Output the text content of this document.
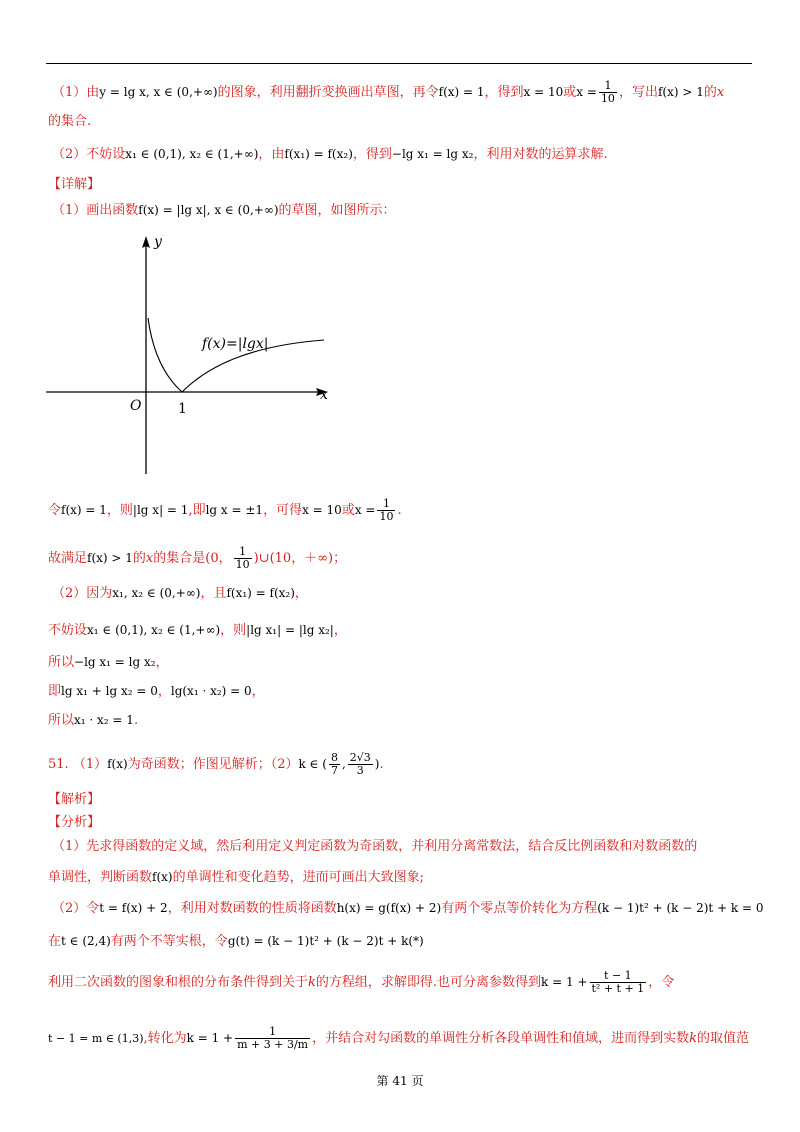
（1）由y = lg x, x ∈ (0,+∞)的图象，利用翻折变换画出草图，再令f(x) = 1，得到x = 10或$x = \frac{1}{10}$ ，写出f(x) > 1的x
的集合.
（2）不妨设x₁ ∈ (0,1), x₂ ∈ (1,+∞)，由f(x₁) = f(x₂)，得到−lg x₁ = lg x₂，利用对数的运算求解.
【详解】
（1）画出函数f(x) = |lg x|, x ∈ (0,+∞)的草图，如图所示：
y
x
O	1
f(x)=|lgx|
令f(x) = 1，则|lg x| = 1,即lg x = ±1，可得x = 10或$x = \frac{1}{10}$ .
故满足f(x) > 1的x的集合是(0， $\frac{1}{10}$ )∪(10，＋∞)；
（2）因为x₁, x₂ ∈ (0,+∞)，且f(x₁) = f(x₂)，
不妨设x₁ ∈ (0,1), x₂ ∈ (1,+∞)，则|lg x₁| = |lg x₂|，
所以−lg x₁ = lg x₂，
即lg x₁ + lg x₂ = 0，lg(x₁ · x₂) = 0，
所以x₁ · x₂ = 1.
51. （1）f(x)为奇函数；作图见解析；（2）k ∈ ( $\frac{8}{7}$ , $\frac{2√3}{3}$ ).
【解析】
【分析】
（1）先求得函数的定义域，然后利用定义判定函数为奇函数，并利用分离常数法，结合反比例函数和对数函数的
单调性，判断函数f(x)的单调性和变化趋势，进而可画出大致图象;
（2）令t = f(x) + 2，利用对数函数的性质将函数h(x) = g(f(x) + 2)有两个零点等价转化为方程(k − 1)t² + (k − 2)t + k = 0
在t ∈ (2,4)有两个不等实根，令g(t) = (k − 1)t² + (k − 2)t + k(*)
利用二次函数的图象和根的分布条件得到关于k的方程组，求解即得.也可分离参数得到$k = 1 + \frac{t - 1}{\text{t² + t + 1}}$ ，令
t − 1 = m ∈ (1,3),转化为$k = 1 + \frac{1}{m + 3 + 3/m}$ ，并结合对勾函数的单调性分析各段单调性和值域，进而得到实数k的取值范
第 41 页
